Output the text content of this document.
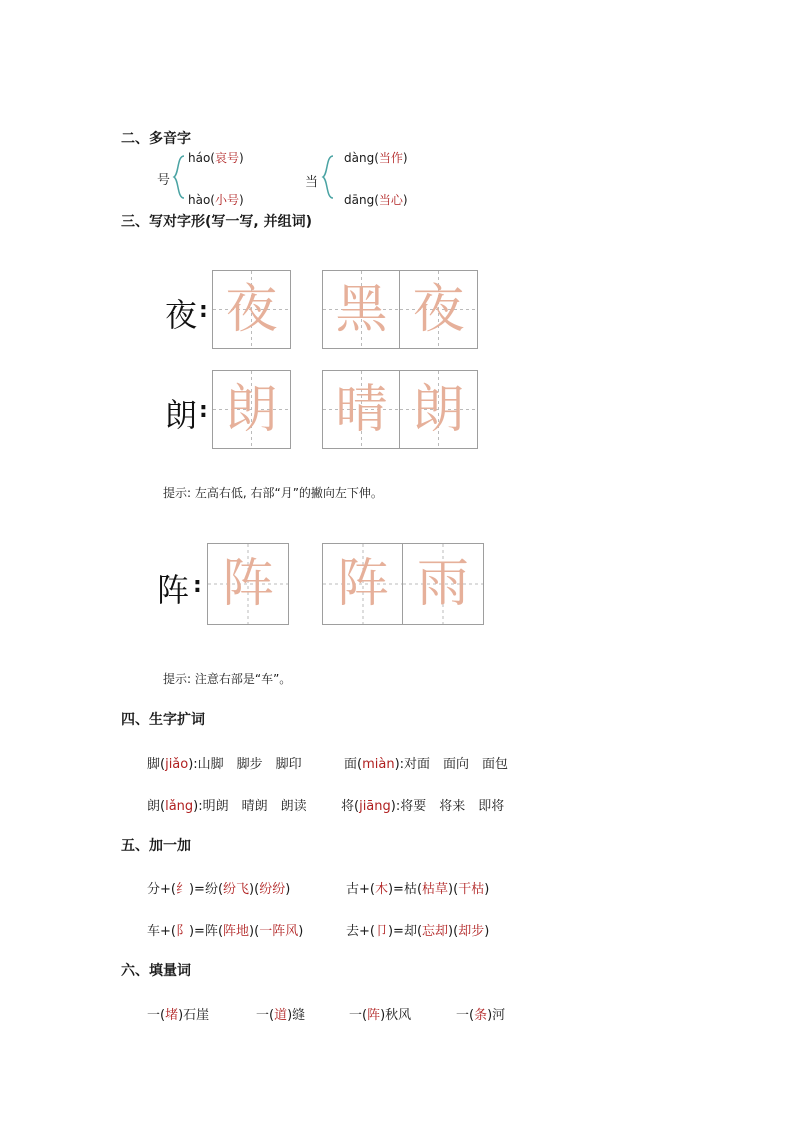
二、多音字
号
háo(哀号)
hào(小号)
当
dàng(当作)
dāng(当心)
三、写对字形(写一写, 并组词)
夜 : 夜 黑 夜
朗 : 朗 晴 朗
提示: 左高右低, 右部“月”的撇向左下伸。
阵 : 阵 阵 雨
提示: 注意右部是“车”。
四、生字扩词
脚(jiǎo):山脚　脚步　脚印	面(miàn):对面　面向　面包
朗(lǎng):明朗　晴朗　朗读	将(jiāng):将要　将来　即将
五、加一加
分+(纟)=纷(纷飞)(纷纷)	古+(木)=枯(枯草)(干枯)
车+(阝)=阵(阵地)(一阵风)	去+(卩)=却(忘却)(却步)
六、填量词
一(堵)石崖	一(道)缝	一(阵)秋风	一(条)河
